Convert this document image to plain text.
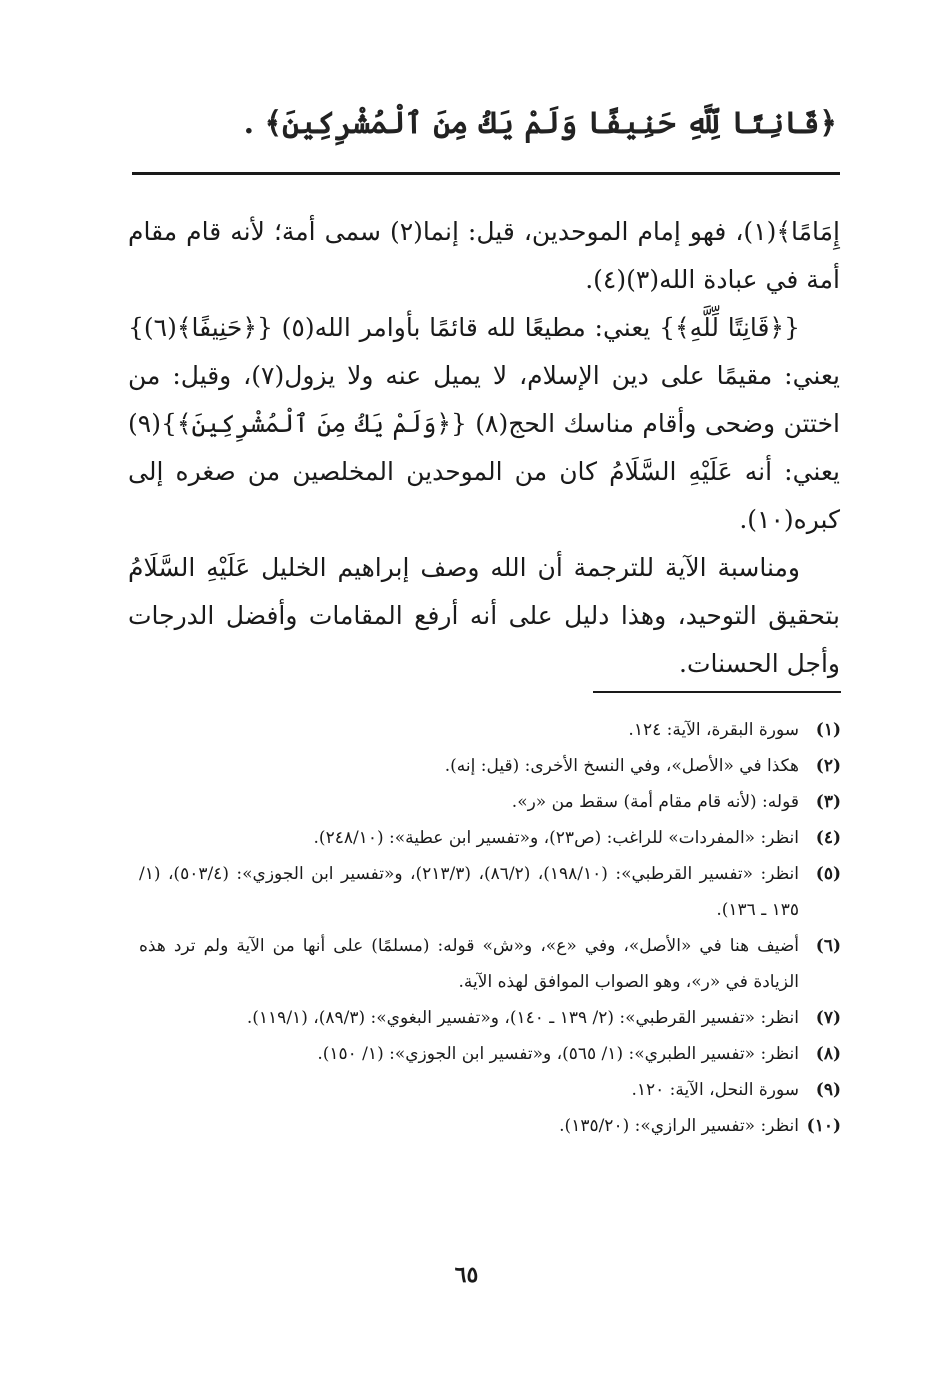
﴿قَانِتًا لِّلَّهِ حَنِيفًا وَلَمْ يَكُ مِنَ ٱلْمُشْرِكِينَ﴾ .

إِمَامًا﴾(١)، فهو إمام الموحدين، قيل: إنما(٢) سمى أمة؛ لأنه قام مقام أمة في عبادة الله(٣)(٤).

{﴿قَانِتًا لِّلَّهِ﴾} يعني: مطيعًا لله قائمًا بأوامر الله(٥) {﴿حَنِيفًا﴾(٦)} يعني: مقيمًا على دين الإسلام، لا يميل عنه ولا يزول(٧)، وقيل: من اختتن وضحى وأقام مناسك الحج(٨) {﴿وَلَمْ يَكُ مِنَ ٱلْمُشْرِكِينَ﴾}(٩) يعني: أنه عَلَيْهِ السَّلَامُ كان من الموحدين المخلصين من صغره إلى كبره(١٠).

ومناسبة الآية للترجمة أن الله وصف إبراهيم الخليل عَلَيْهِ السَّلَامُ بتحقيق التوحيد، وهذا دليل على أنه أرفع المقامات وأفضل الدرجات وأجل الحسنات.

(١)
سورة البقرة، الآية: ١٢٤.
(٢)
هكذا في «الأصل»، وفي النسخ الأخرى: (قيل: إنه).
(٣)
قوله: (لأنه قام مقام أمة) سقط من «ر».
(٤)
انظر: «المفردات» للراغب: (ص٢٣)، و«تفسير ابن عطية»: (٢٤٨/١٠).
(٥)
انظر: «تفسير القرطبي»: (١٩٨/١٠)، (٨٦/٢)، (٢١٣/٣)، و«تفسير ابن الجوزي»: (٥٠٣/٤)، (١/ ١٣٥ ـ ١٣٦).
(٦)
أضيف هنا في «الأصل»، وفي «ع»، و«ش» قوله: (مسلمًا) على أنها من الآية ولم ترد هذه الزيادة في «ر»، وهو الصواب الموافق لهذه الآية.
(٧)
انظر: «تفسير القرطبي»: (٢/ ١٣٩ ـ ١٤٠)، و«تفسير البغوي»: (٨٩/٣)، (١١٩/١).
(٨)
انظر: «تفسير الطبري»: (١/ ٥٦٥)، و«تفسير ابن الجوزي»: (١/ ١٥٠).
(٩)
سورة النحل، الآية: ١٢٠.
(١٠)
انظر: «تفسير الرازي»: (١٣٥/٢٠).
٦٥
